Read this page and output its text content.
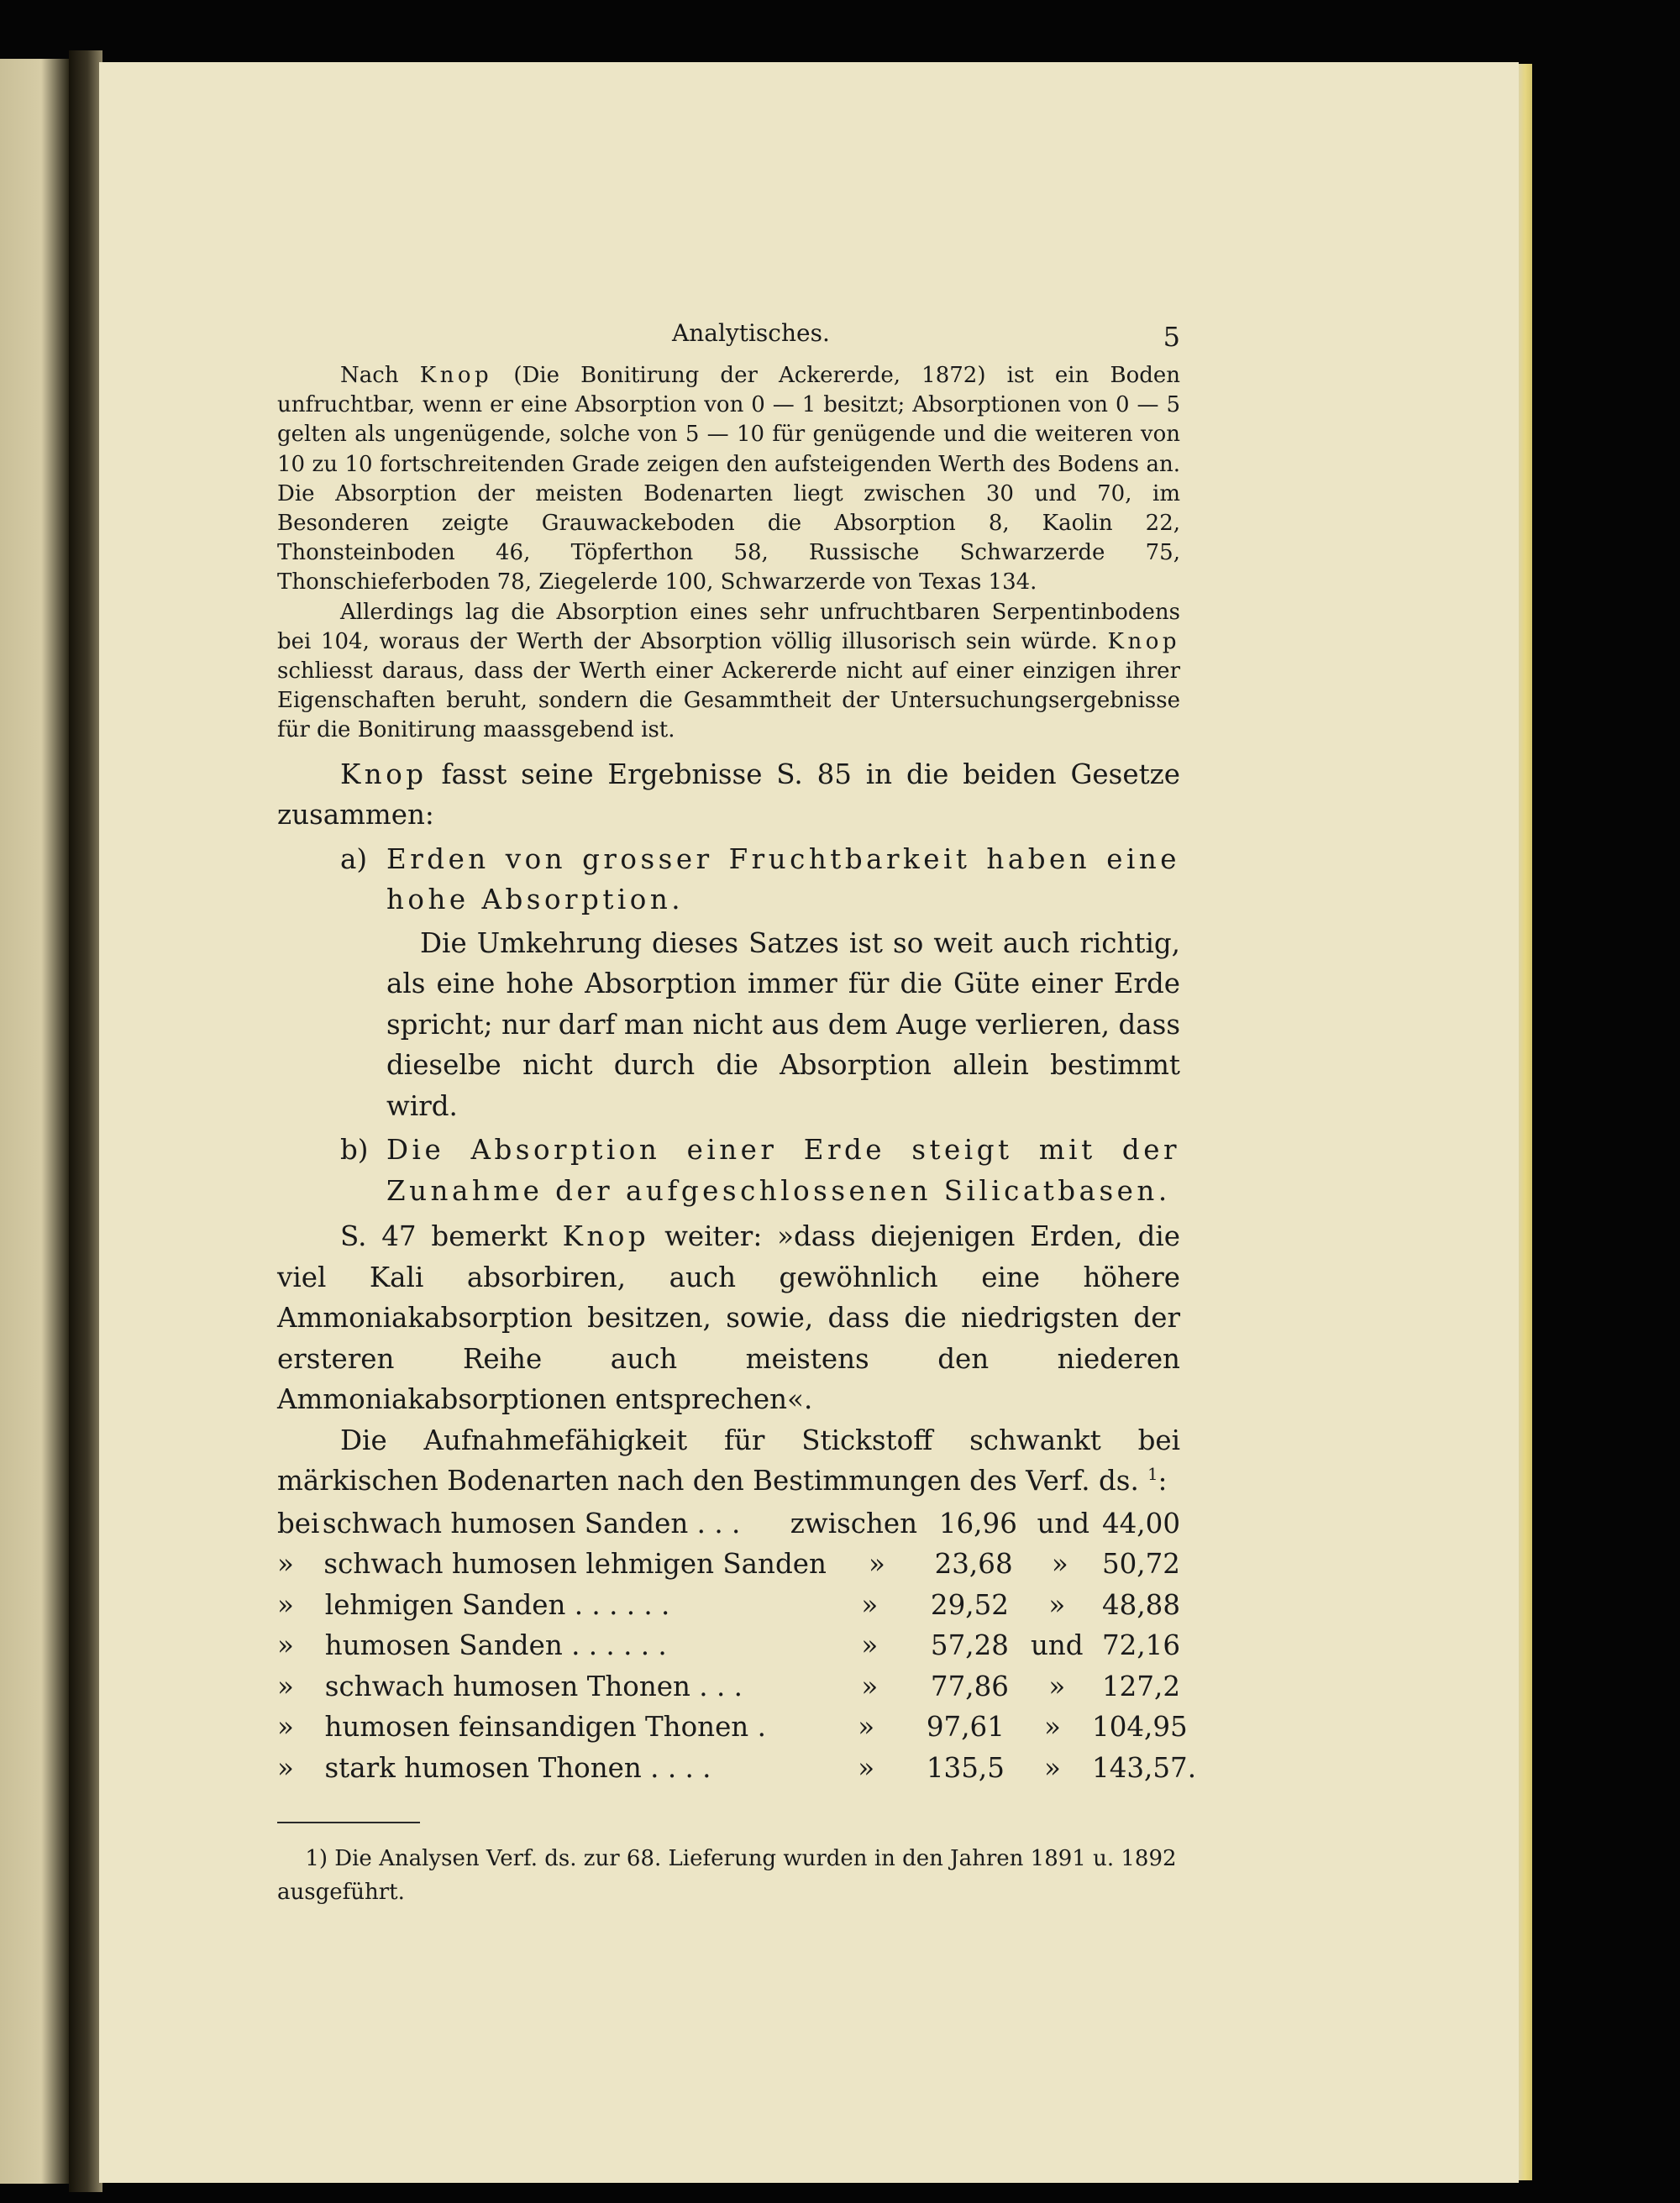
Analytisches.	5

Nach Knop (Die Bonitirung der Ackererde, 1872) ist ein Boden unfruchtbar, wenn er eine Absorption von 0 — 1 besitzt; Absorptionen von 0 — 5 gelten als ungenügende, solche von 5 — 10 für genügende und die weiteren von 10 zu 10 fortschreitenden Grade zeigen den aufsteigenden Werth des Bodens an. Die Absorption der meisten Bodenarten liegt zwischen 30 und 70, im Besonderen zeigte Grauwackeboden die Absorption 8, Kaolin 22, Thonsteinboden 46, Töpferthon 58, Russische Schwarzerde 75, Thonschieferboden 78, Ziegelerde 100, Schwarzerde von Texas 134.

Allerdings lag die Absorption eines sehr unfruchtbaren Serpentinbodens bei 104, woraus der Werth der Absorption völlig illusorisch sein würde. Knop schliesst daraus, dass der Werth einer Ackererde nicht auf einer einzigen ihrer Eigenschaften beruht, sondern die Gesammtheit der Untersuchungsergebnisse für die Bonitirung maassgebend ist.

Knop fasst seine Ergebnisse S. 85 in die beiden Gesetze zusammen:

a) Erden von grosser Fruchtbarkeit haben eine hohe Absorption.
Die Umkehrung dieses Satzes ist so weit auch richtig, als eine hohe Absorption immer für die Güte einer Erde spricht; nur darf man nicht aus dem Auge verlieren, dass dieselbe nicht durch die Absorption allein bestimmt wird.
b) Die Absorption einer Erde steigt mit der Zunahme der aufgeschlossenen Silicatbasen.

S. 47 bemerkt Knop weiter: »dass diejenigen Erden, die viel Kali absorbiren, auch gewöhnlich eine höhere Ammoniakabsorption besitzen, sowie, dass die niedrigsten der ersteren Reihe auch meistens den niederen Ammoniakabsorptionen entsprechen«.

Die Aufnahmefähigkeit für Stickstoff schwankt bei märkischen Bodenarten nach den Bestimmungen des Verf. ds. $^1$:

bei schwach humosen Sanden . . .	zwischen 16,96 und 44,00
»	schwach humosen lehmigen Sanden	»	23,68	»	50,72
»	lehmigen Sanden . . . . . .	»	29,52	»	48,88
»	humosen Sanden . . . . . .	»	57,28 und 72,16
»	schwach humosen Thonen . . .	»	77,86	»	127,2
»	humosen feinsandigen Thonen .	»	97,61	»	104,95
»	stark humosen Thonen . . . .	»	135,5	»	143,57.
1) Die Analysen Verf. ds. zur 68. Lieferung wurden in den Jahren 1891 u. 1892 ausgeführt.
